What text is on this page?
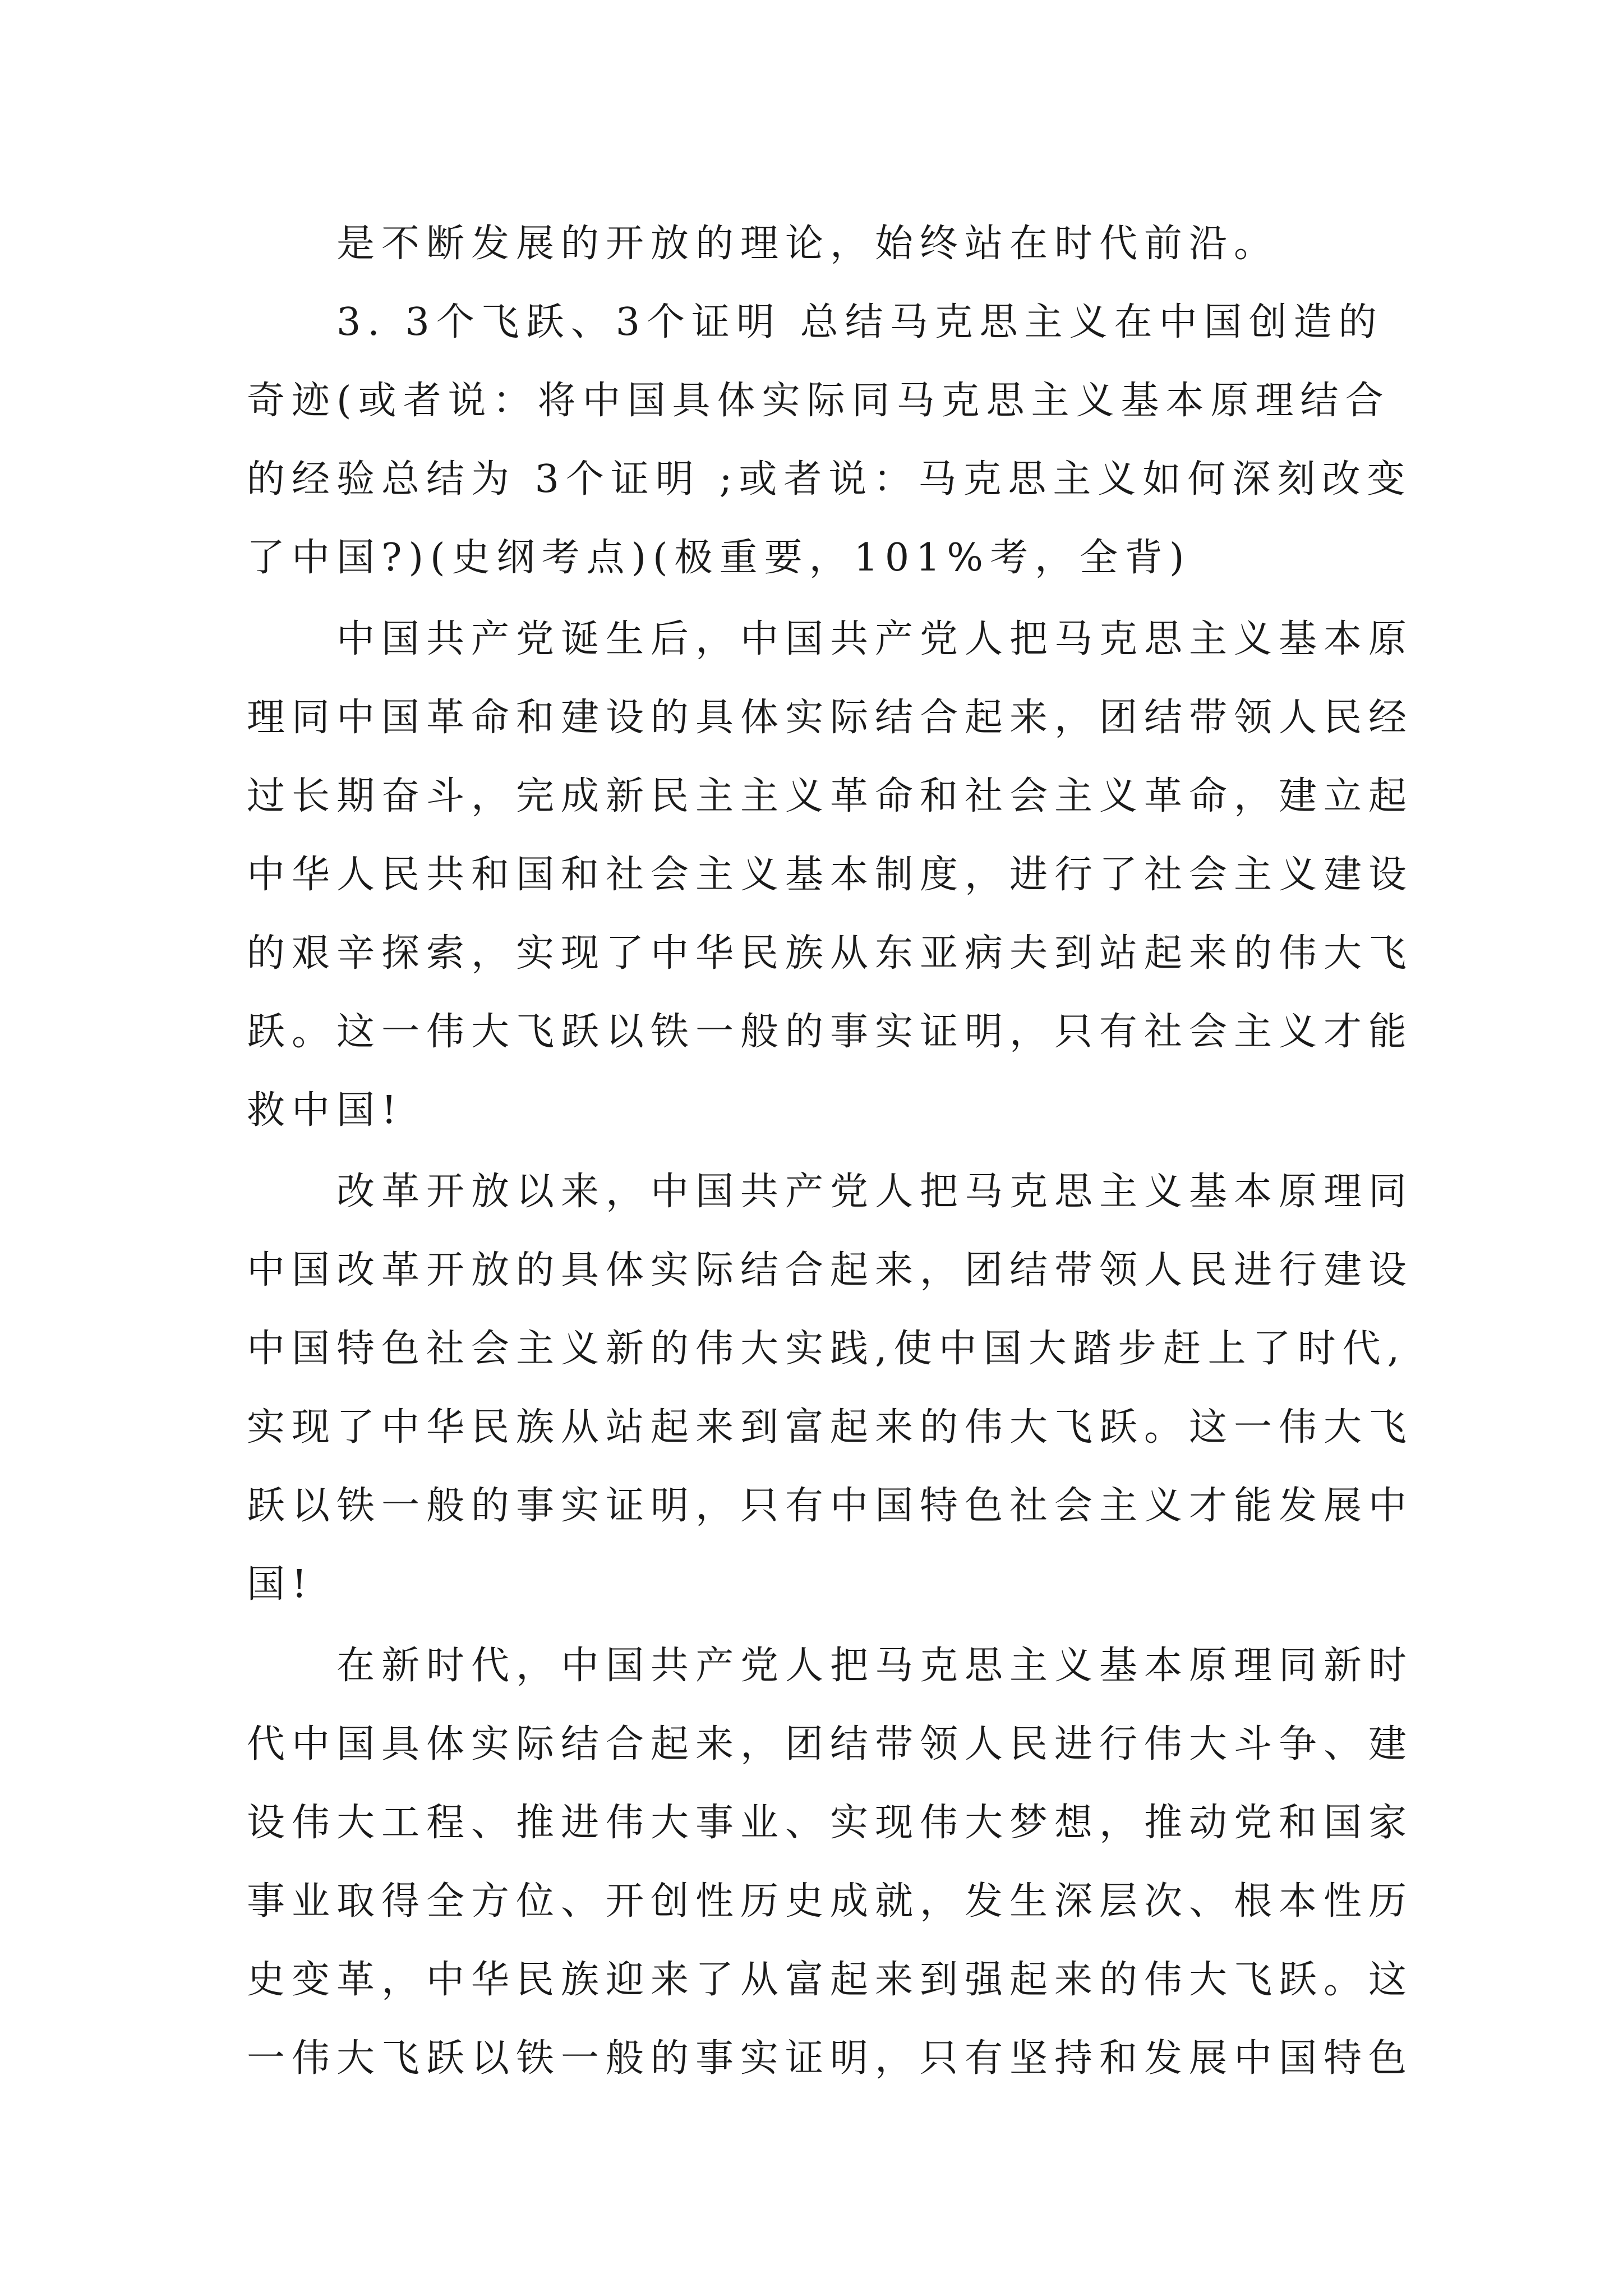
是不断发展的开放的理论，始终站在时代前沿。
3. 3个飞跃、3个证明 总结马克思主义在中国创造的
奇迹(或者说：将中国具体实际同马克思主义基本原理结合
的经验总结为 3个证明 ;或者说：马克思主义如何深刻改变
了中国?)(史纲考点)(极重要，101%考，全背)
中国共产党诞生后，中国共产党人把马克思主义基本原
理同中国革命和建设的具体实际结合起来，团结带领人民经
过长期奋斗，完成新民主主义革命和社会主义革命，建立起
中华人民共和国和社会主义基本制度，进行了社会主义建设
的艰辛探索，实现了中华民族从东亚病夫到站起来的伟大飞
跃。这一伟大飞跃以铁一般的事实证明，只有社会主义才能
救中国!
改革开放以来，中国共产党人把马克思主义基本原理同
中国改革开放的具体实际结合起来，团结带领人民进行建设
中国特色社会主义新的伟大实践,使中国大踏步赶上了时代,
实现了中华民族从站起来到富起来的伟大飞跃。这一伟大飞
跃以铁一般的事实证明，只有中国特色社会主义才能发展中
国!
在新时代，中国共产党人把马克思主义基本原理同新时
代中国具体实际结合起来，团结带领人民进行伟大斗争、建
设伟大工程、推进伟大事业、实现伟大梦想，推动党和国家
事业取得全方位、开创性历史成就，发生深层次、根本性历
史变革，中华民族迎来了从富起来到强起来的伟大飞跃。这
一伟大飞跃以铁一般的事实证明，只有坚持和发展中国特色
